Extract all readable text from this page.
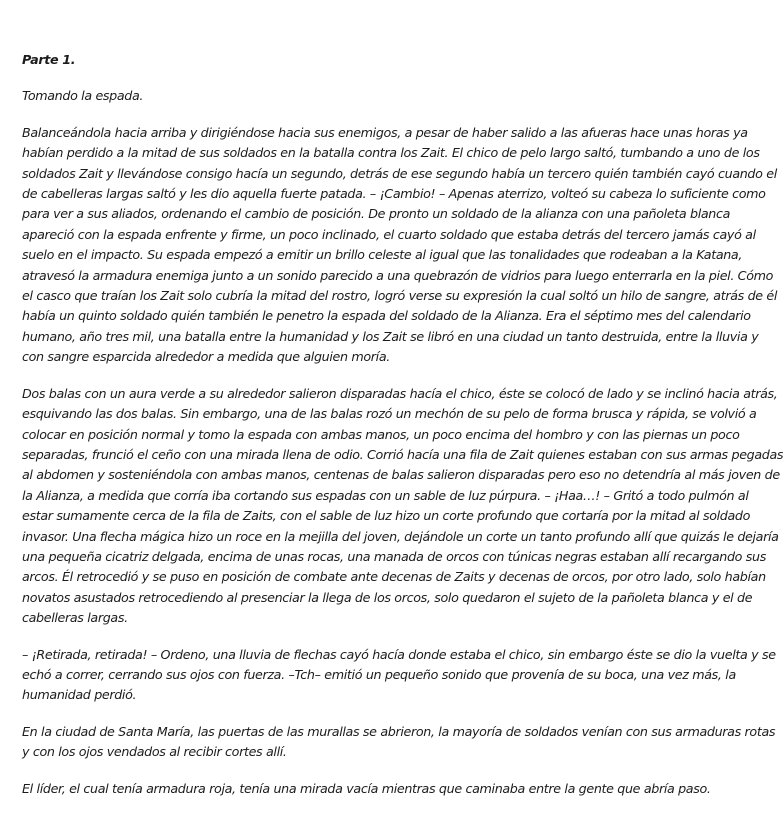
Parte 1.

Tomando la espada.

Balanceándola hacia arriba y dirigiéndose hacia sus enemigos, a pesar de haber salido a las afueras hace unas horas ya
habían perdido a la mitad de sus soldados en la batalla contra los Zait. El chico de pelo largo saltó, tumbando a uno de los
soldados Zait y llevándose consigo hacía un segundo, detrás de ese segundo había un tercero quién también cayó cuando el
de cabelleras largas saltó y les dio aquella fuerte patada. – ¡Cambio! – Apenas aterrizo, volteó su cabeza lo suficiente como
para ver a sus aliados, ordenando el cambio de posición. De pronto un soldado de la alianza con una pañoleta blanca
apareció con la espada enfrente y firme, un poco inclinado, el cuarto soldado que estaba detrás del tercero jamás cayó al
suelo en el impacto. Su espada empezó a emitir un brillo celeste al igual que las tonalidades que rodeaban a la Katana,
atravesó la armadura enemiga junto a un sonido parecido a una quebrazón de vidrios para luego enterrarla en la piel. Cómo
el casco que traían los Zait solo cubría la mitad del rostro, logró verse su expresión la cual soltó un hilo de sangre, atrás de él
había un quinto soldado quién también le penetro la espada del soldado de la Alianza. Era el séptimo mes del calendario
humano, año tres mil, una batalla entre la humanidad y los Zait se libró en una ciudad un tanto destruida, entre la lluvia y
con sangre esparcida alrededor a medida que alguien moría.

Dos balas con un aura verde a su alrededor salieron disparadas hacía el chico, éste se colocó de lado y se inclinó hacia atrás,
esquivando las dos balas. Sin embargo, una de las balas rozó un mechón de su pelo de forma brusca y rápida, se volvió a
colocar en posición normal y tomo la espada con ambas manos, un poco encima del hombro y con las piernas un poco
separadas, frunció el ceño con una mirada llena de odio. Corrió hacía una fila de Zait quienes estaban con sus armas pegadas
al abdomen y sosteniéndola con ambas manos, centenas de balas salieron disparadas pero eso no detendría al más joven de
la Alianza, a medida que corría iba cortando sus espadas con un sable de luz púrpura. – ¡Haa…! – Gritó a todo pulmón al
estar sumamente cerca de la fila de Zaits, con el sable de luz hizo un corte profundo que cortaría por la mitad al soldado
invasor. Una flecha mágica hizo un roce en la mejilla del joven, dejándole un corte un tanto profundo allí que quizás le dejaría
una pequeña cicatriz delgada, encima de unas rocas, una manada de orcos con túnicas negras estaban allí recargando sus
arcos. Él retrocedió y se puso en posición de combate ante decenas de Zaits y decenas de orcos, por otro lado, solo habían
novatos asustados retrocediendo al presenciar la llega de los orcos, solo quedaron el sujeto de la pañoleta blanca y el de
cabelleras largas.

– ¡Retirada, retirada! – Ordeno, una lluvia de flechas cayó hacía donde estaba el chico, sin embargo éste se dio la vuelta y se
echó a correr, cerrando sus ojos con fuerza. –Tch– emitió un pequeño sonido que provenía de su boca, una vez más, la
humanidad perdió.

En la ciudad de Santa María, las puertas de las murallas se abrieron, la mayoría de soldados venían con sus armaduras rotas
y con los ojos vendados al recibir cortes allí.

El líder, el cual tenía armadura roja, tenía una mirada vacía mientras que caminaba entre la gente que abría paso.
